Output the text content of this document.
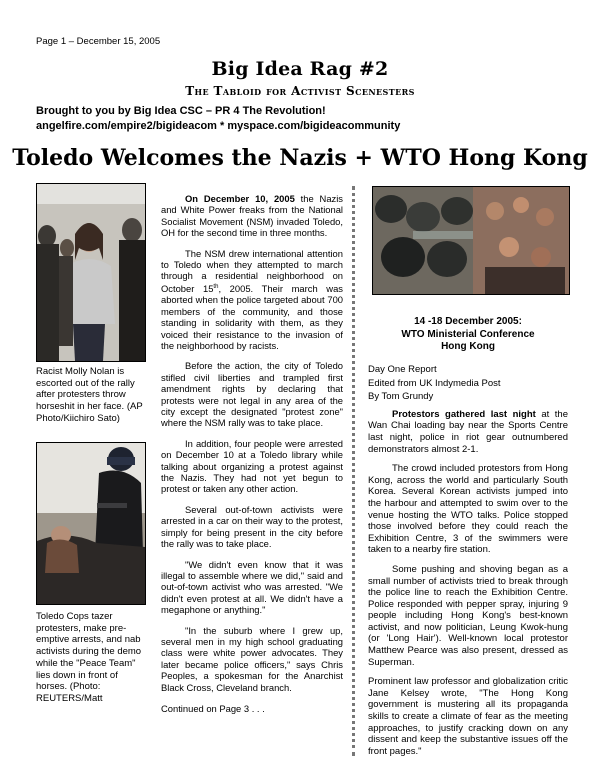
Page 1 – December 15, 2005
Big Idea Rag #2
The Tabloid for Activist Scenesters
Brought to you by Big Idea CSC – PR 4 The Revolution!
angelfire.com/empire2/bigideacom * myspace.com/bigideacommunity
Toledo Welcomes the Nazis + WTO Hong Kong
Racist Molly Nolan is escorted out of the rally after protesters throw horseshit in her face. (AP Photo/Kiichiro Sato)
Toledo Cops tazer protesters, make pre-emptive arrests, and nab activists during the demo while the "Peace Team" lies down in front of horses. (Photo: REUTERS/Matt

On December 10, 2005 the Nazis and White Power freaks from the National Socialist Movement (NSM) invaded Toledo, OH for the second time in three months.

The NSM drew international attention to Toledo when they attempted to march through a residential neighborhood on October 15th, 2005. Their march was aborted when the police targeted about 700 members of the community, and those standing in solidarity with them, as they voiced their resistance to the invasion of the neighborhood by racists.

Before the action, the city of Toledo stifled civil liberties and trampled first amendment rights by declaring that protests were not legal in any area of the city except the designated "protest zone" where the NSM rally was to take place.

In addition, four people were arrested on December 10 at a Toledo library while talking about organizing a protest against the Nazis. They had not yet begun to protest or taken any other action.

Several out-of-town activists were arrested in a car on their way to the protest, simply for being present in the city before the rally was to take place.

"We didn't even know that it was illegal to assemble where we did," said and out-of-town activist who was arrested. "We didn't even protest at all. We didn't have a megaphone or anything."

"In the suburb where I grew up, several men in my high school graduating class were white power advocates. They later became police officers," says Chris Peoples, a spokesman for the Anarchist Black Cross, Cleveland branch.

Continued on Page 3 . . .

14 -18 December 2005:
WTO Ministerial Conference
Hong Kong

Day One Report

Edited from UK Indymedia Post

By Tom Grundy

Protestors gathered last night at the Wan Chai loading bay near the Sports Centre last night, police in riot gear outnumbered demonstrators almost 2-1.

The crowd included protestors from Hong Kong, across the world and particularly South Korea. Several Korean activists jumped into the harbour and attempted to swim over to the venue hosting the WTO talks. Police stopped those involved before they could reach the Exhibition Centre, 3 of the swimmers were taken to a nearby fire station.

Some pushing and shoving began as a small number of activists tried to break through the police line to reach the Exhibition Centre. Police responded with pepper spray, injuring 9 people including Hong Kong's best-known activist, and now politician, Leung Kwok-hung (or 'Long Hair'). Well-known local protestor Matthew Pearce was also present, dressed as Superman.

Prominent law professor and globalization critic Jane Kelsey wrote, "The Hong Kong government is mustering all its propaganda skills to create a climate of fear as the meeting approaches, to justify cracking down on any dissent and keep the substantive issues off the front pages."
